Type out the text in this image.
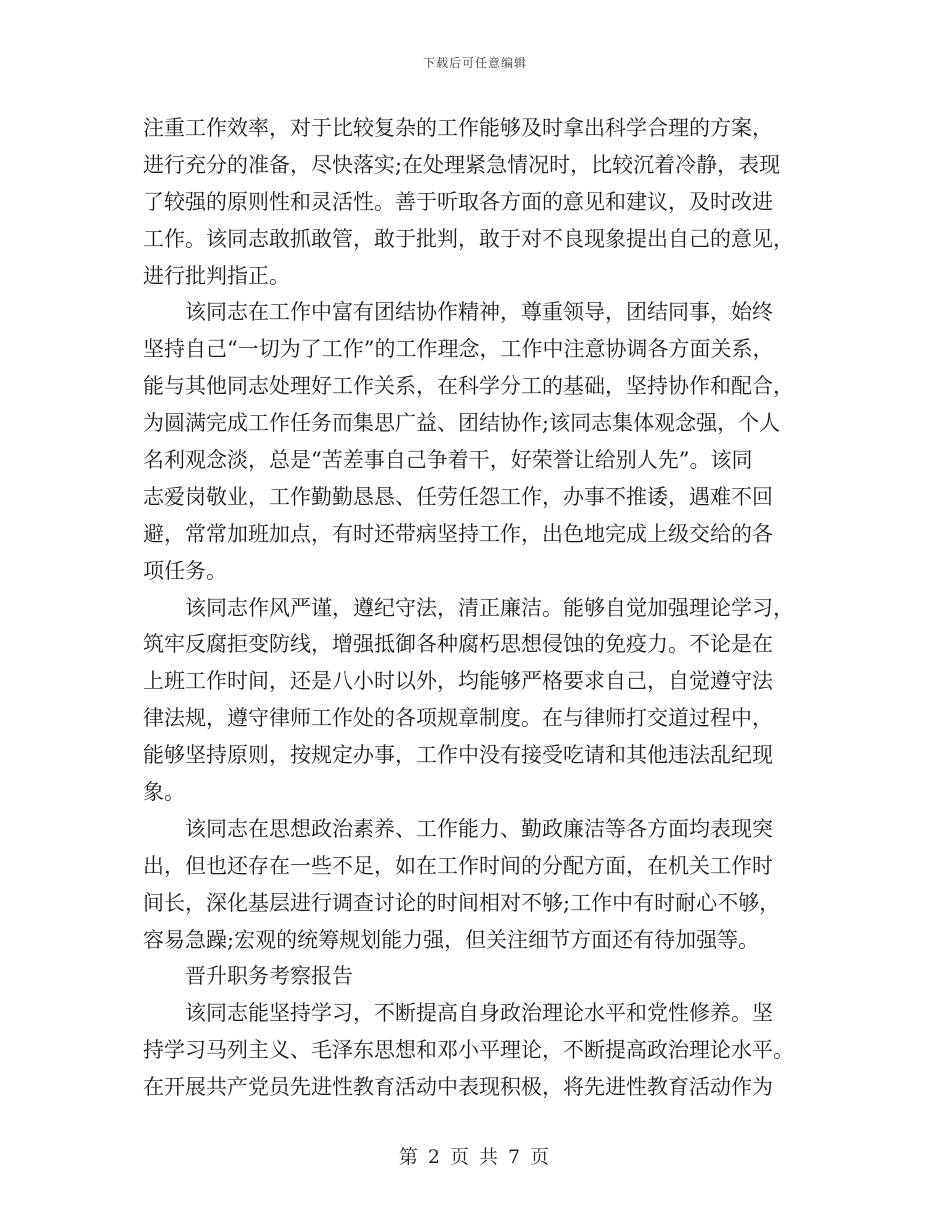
下载后可任意编辑
注重工作效率，对于比较复杂的工作能够及时拿出科学合理的方案，
进行充分的准备，尽快落实;在处理紧急情况时，比较沉着冷静，表现
了较强的原则性和灵活性。善于听取各方面的意见和建议，及时改进
工作。该同志敢抓敢管，敢于批判，敢于对不良现象提出自己的意见，
进行批判指正。
　　该同志在工作中富有团结协作精神，尊重领导，团结同事，始终
坚持自己“一切为了工作”的工作理念，工作中注意协调各方面关系，
能与其他同志处理好工作关系，在科学分工的基础，坚持协作和配合，
为圆满完成工作任务而集思广益、团结协作;该同志集体观念强，个人
名利观念淡，总是“苦差事自己争着干，好荣誉让给别人先”。该同
志爱岗敬业，工作勤勤恳恳、任劳任怨工作，办事不推诿，遇难不回
避，常常加班加点，有时还带病坚持工作，出色地完成上级交给的各
项任务。
　　该同志作风严谨，遵纪守法，清正廉洁。能够自觉加强理论学习，
筑牢反腐拒变防线，增强抵御各种腐朽思想侵蚀的免疫力。不论是在
上班工作时间，还是八小时以外，均能够严格要求自己，自觉遵守法
律法规，遵守律师工作处的各项规章制度。在与律师打交道过程中，
能够坚持原则，按规定办事，工作中没有接受吃请和其他违法乱纪现
象。
　　该同志在思想政治素养、工作能力、勤政廉洁等各方面均表现突
出，但也还存在一些不足，如在工作时间的分配方面，在机关工作时
间长，深化基层进行调查讨论的时间相对不够;工作中有时耐心不够，
容易急躁;宏观的统筹规划能力强，但关注细节方面还有待加强等。
　　晋升职务考察报告
　　该同志能坚持学习，不断提高自身政治理论水平和党性修养。坚
持学习马列主义、毛泽东思想和邓小平理论，不断提高政治理论水平。
在开展共产党员先进性教育活动中表现积极，将先进性教育活动作为
第 2 页 共 7 页
